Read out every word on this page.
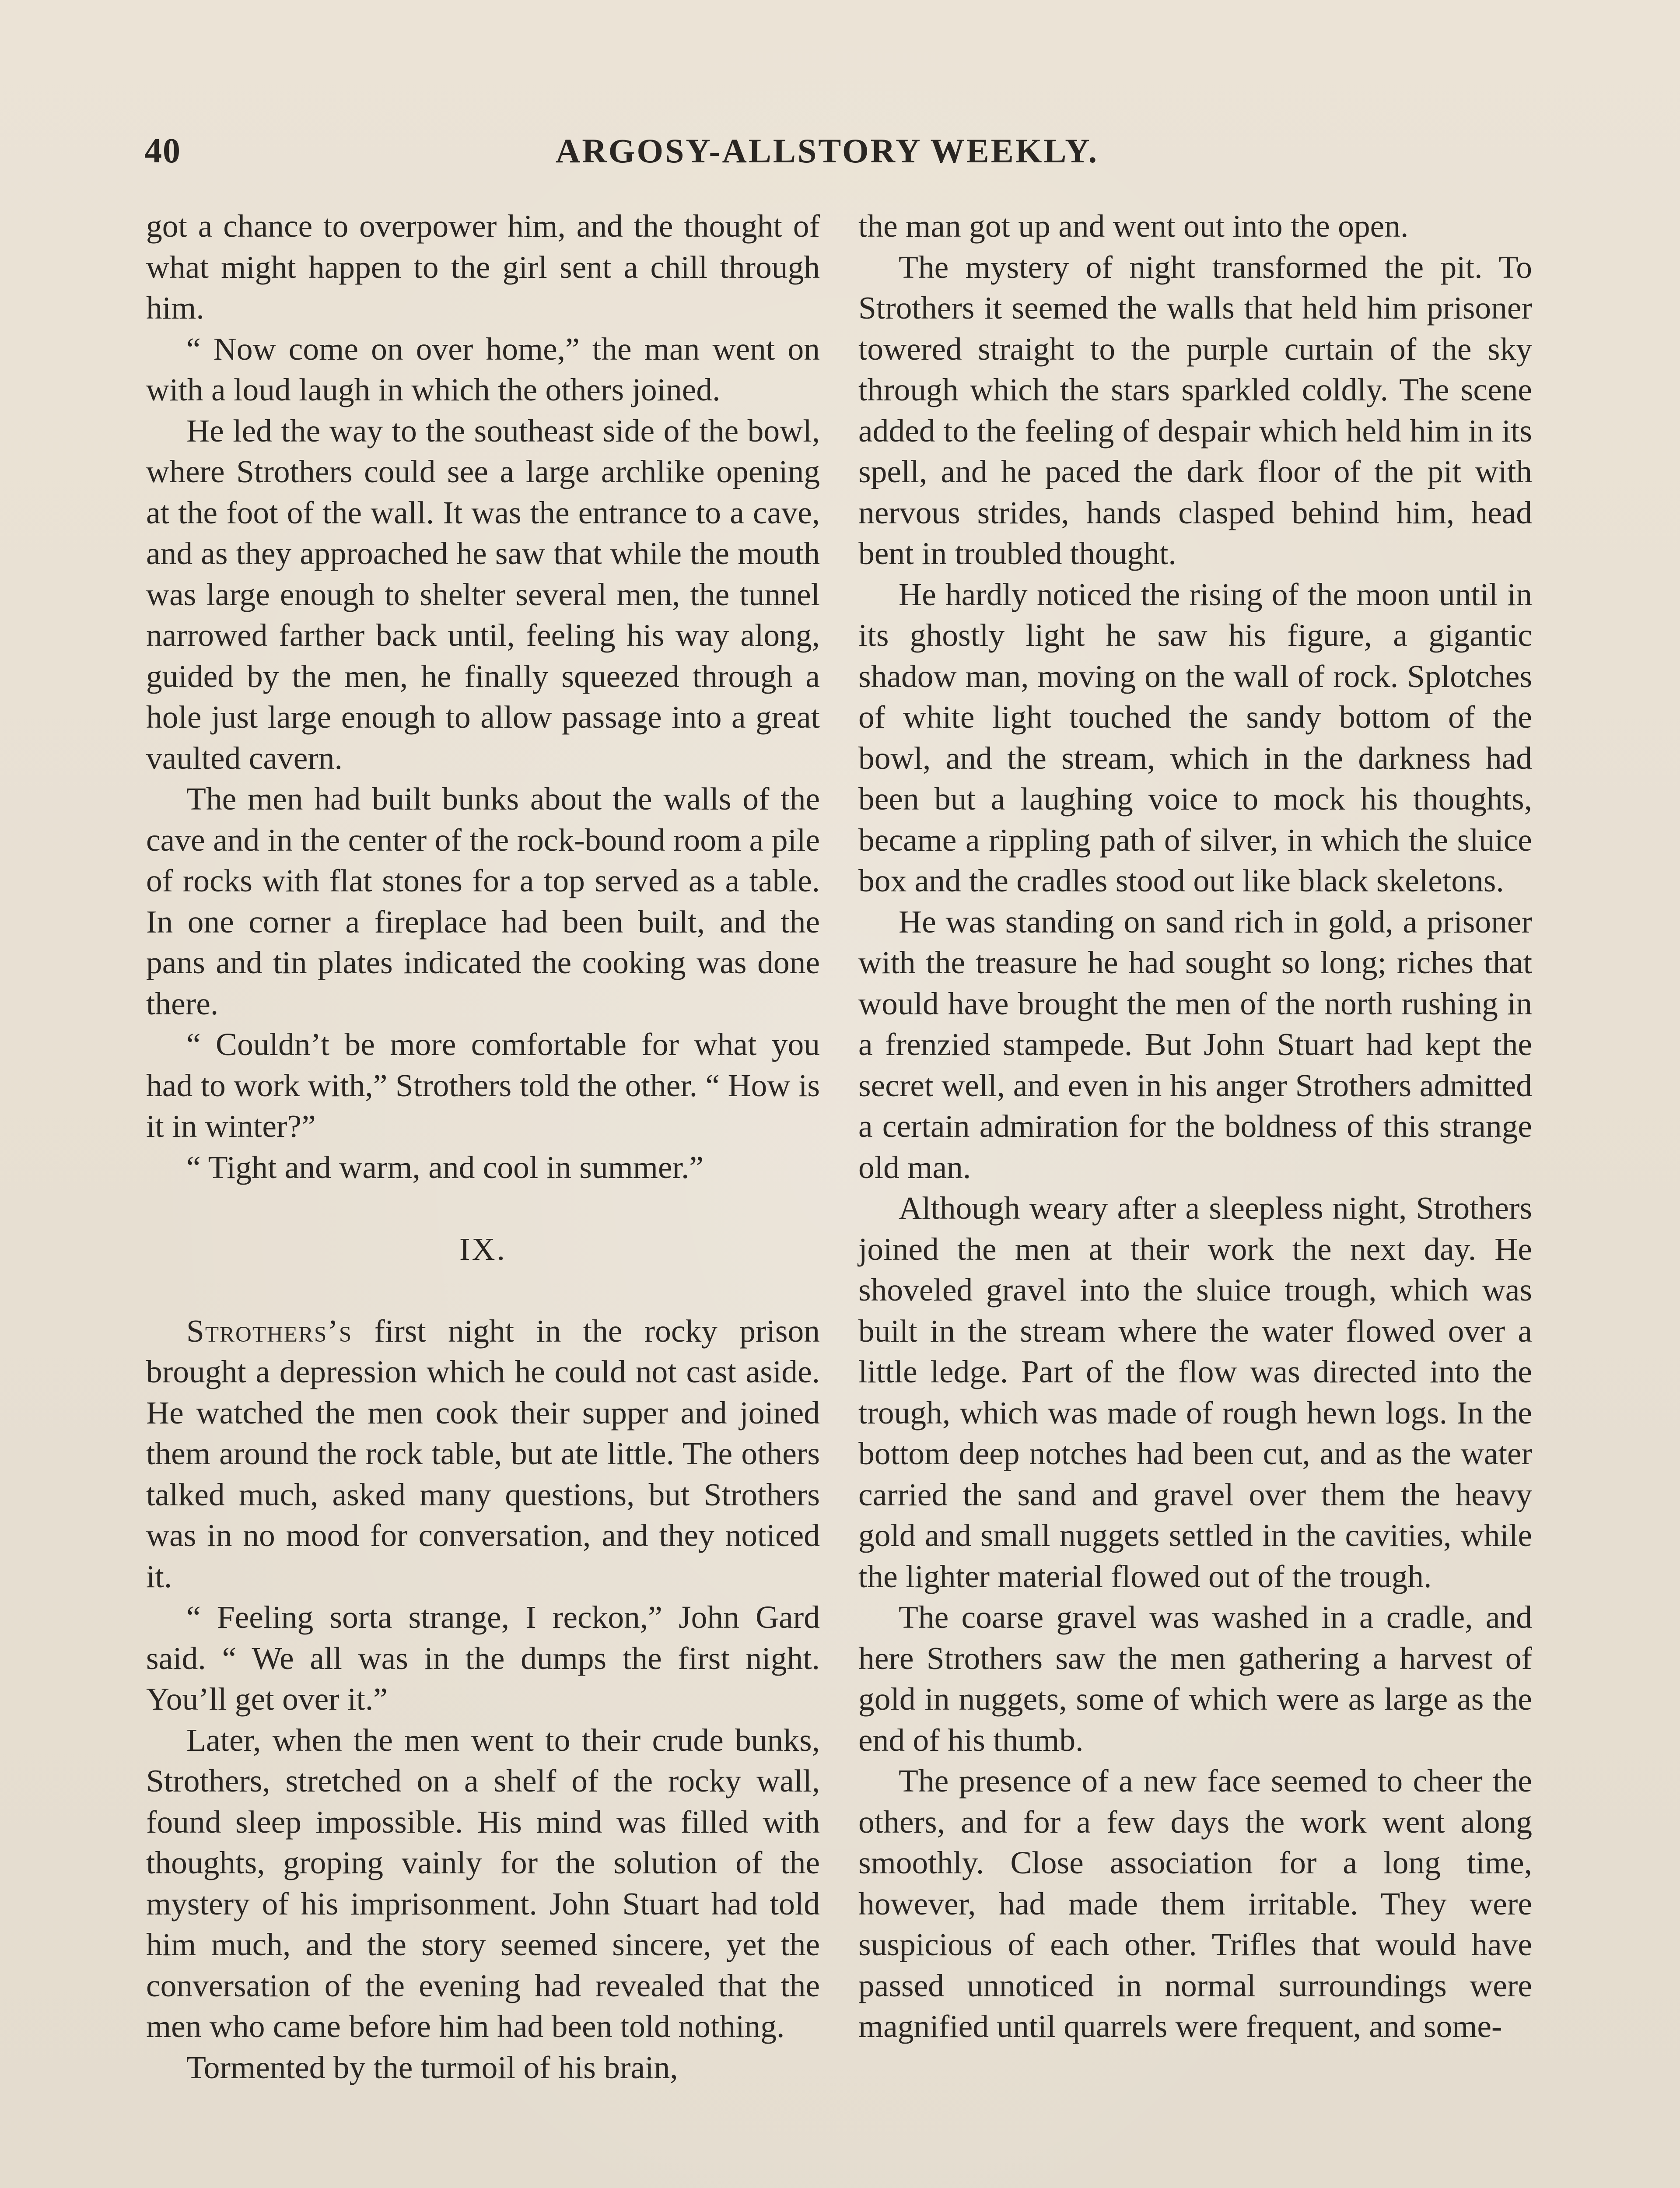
40	ARGOSY-ALLSTORY WEEKLY.

got a chance to overpower him, and the thought of what might happen to the girl sent a chill through him.

“ Now come on over home,” the man went on with a loud laugh in which the others joined.

He led the way to the southeast side of the bowl, where Strothers could see a large archlike opening at the foot of the wall. It was the entrance to a cave, and as they approached he saw that while the mouth was large enough to shelter several men, the tunnel narrowed farther back until, feeling his way along, guided by the men, he finally squeezed through a hole just large enough to allow passage into a great vaulted cavern.

The men had built bunks about the walls of the cave and in the center of the rock-bound room a pile of rocks with flat stones for a top served as a table. In one corner a fireplace had been built, and the pans and tin plates indicated the cooking was done there.

“ Couldn’t be more comfortable for what you had to work with,” Strothers told the other. “ How is it in winter?”

“ Tight and warm, and cool in summer.”

IX.

Strothers’s first night in the rocky prison brought a depression which he could not cast aside. He watched the men cook their supper and joined them around the rock table, but ate little. The others talked much, asked many questions, but Strothers was in no mood for conversation, and they noticed it.

“ Feeling sorta strange, I reckon,” John Gard said. “ We all was in the dumps the first night. You’ll get over it.”

Later, when the men went to their crude bunks, Strothers, stretched on a shelf of the rocky wall, found sleep impossible. His mind was filled with thoughts, groping vainly for the solution of the mystery of his imprisonment. John Stuart had told him much, and the story seemed sincere, yet the conversation of the evening had revealed that the men who came before him had been told nothing.

Tormented by the turmoil of his brain,

the man got up and went out into the open.

The mystery of night transformed the pit. To Strothers it seemed the walls that held him prisoner towered straight to the purple curtain of the sky through which the stars sparkled coldly. The scene added to the feeling of despair which held him in its spell, and he paced the dark floor of the pit with nervous strides, hands clasped behind him, head bent in troubled thought.

He hardly noticed the rising of the moon until in its ghostly light he saw his figure, a gigantic shadow man, moving on the wall of rock. Splotches of white light touched the sandy bottom of the bowl, and the stream, which in the darkness had been but a laughing voice to mock his thoughts, became a rippling path of silver, in which the sluice box and the cradles stood out like black skeletons.

He was standing on sand rich in gold, a prisoner with the treasure he had sought so long; riches that would have brought the men of the north rushing in a frenzied stampede. But John Stuart had kept the secret well, and even in his anger Strothers admitted a certain admiration for the boldness of this strange old man.

Although weary after a sleepless night, Strothers joined the men at their work the next day. He shoveled gravel into the sluice trough, which was built in the stream where the water flowed over a little ledge. Part of the flow was directed into the trough, which was made of rough hewn logs. In the bottom deep notches had been cut, and as the water carried the sand and gravel over them the heavy gold and small nuggets settled in the cavities, while the lighter material flowed out of the trough.

The coarse gravel was washed in a cradle, and here Strothers saw the men gathering a harvest of gold in nuggets, some of which were as large as the end of his thumb.

The presence of a new face seemed to cheer the others, and for a few days the work went along smoothly. Close association for a long time, however, had made them irritable. They were suspicious of each other. Trifles that would have passed unnoticed in normal surroundings were magnified until quarrels were frequent, and some-
